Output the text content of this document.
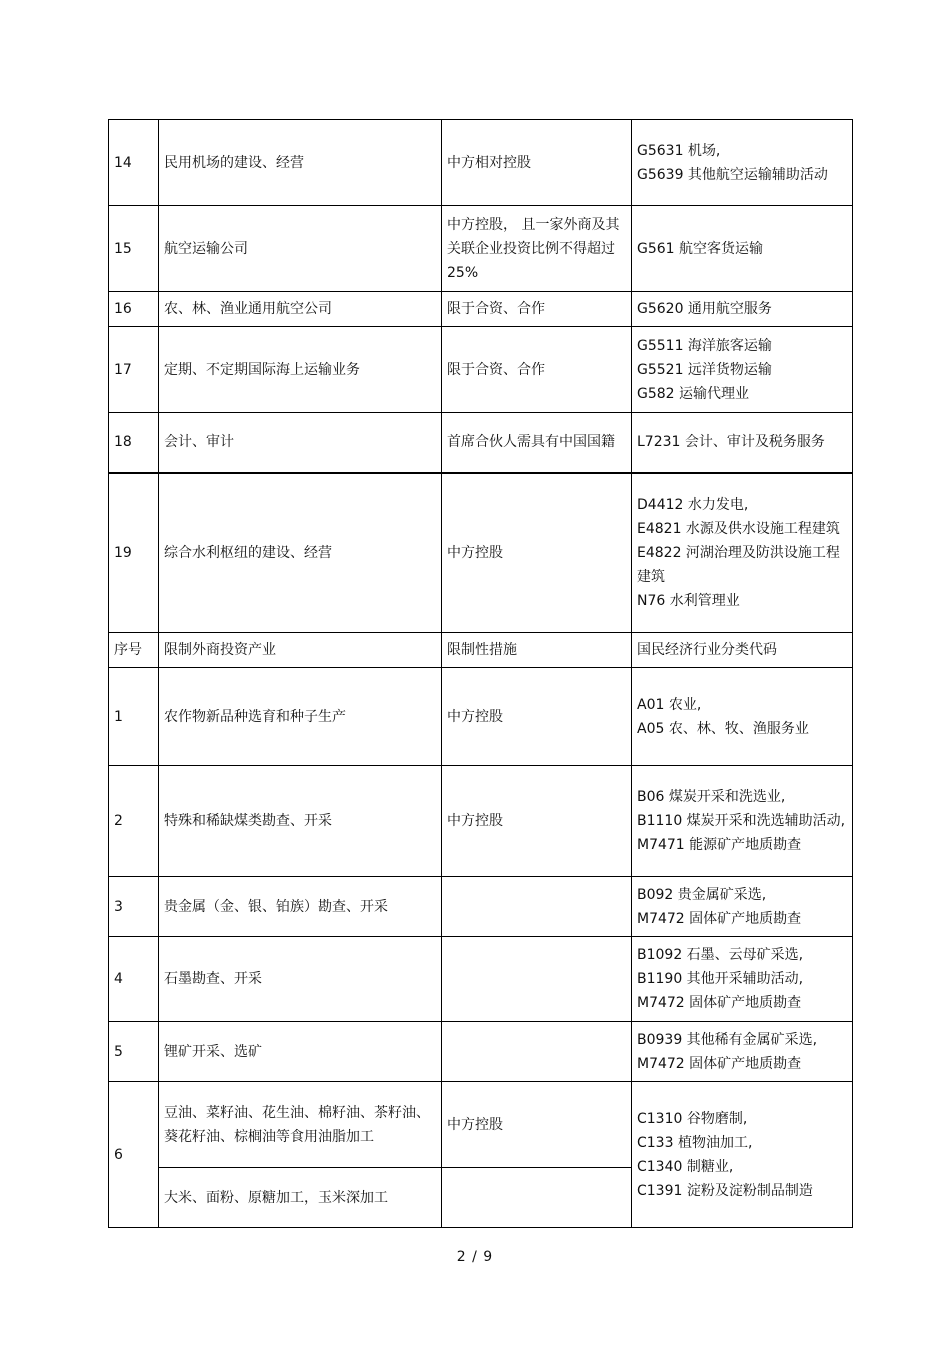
14	民用机场的建设、经营	中方相对控股	G5631 机场,
G5639 其他航空运输辅助活动

15	航空运输公司	中方控股， 且一家外商及其关联企业投资比例不得超过 25%	G561 航空客货运输

16	农、林、渔业通用航空公司	限于合资、合作	G5620 通用航空服务

17	定期、不定期国际海上运输业务	限于合资、合作	G5511 海洋旅客运输
G5521 远洋货物运输
G582 运输代理业

18	会计、审计	首席合伙人需具有中国国籍	L7231 会计、审计及税务服务

19	综合水利枢纽的建设、经营	中方控股	D4412 水力发电,
E4821 水源及供水设施工程建筑
E4822 河湖治理及防洪设施工程建筑
N76 水利管理业

序号	限制外商投资产业	限制性措施	国民经济行业分类代码
1	农作物新品种选育和种子生产	中方控股	A01 农业,
A05 农、林、牧、渔服务业

2	特殊和稀缺煤类勘查、开采	中方控股	B06 煤炭开采和洗选业,
B1110 煤炭开采和洗选辅助活动,
M7471 能源矿产地质勘查

3	贵金属（金、银、铂族）勘查、开采		B092 贵金属矿采选,
M7472 固体矿产地质勘查

4	石墨勘查、开采		B1092 石墨、云母矿采选,
B1190 其他开采辅助活动,
M7472 固体矿产地质勘查

5	锂矿开采、选矿		B0939 其他稀有金属矿采选,
M7472 固体矿产地质勘查

6	豆油、菜籽油、花生油、棉籽油、茶籽油、葵花籽油、棕榈油等食用油脂加工	中方控股	C1310 谷物磨制,
C133 植物油加工,
C1340 制糖业,
C1391 淀粉及淀粉制品制造

	大米、面粉、原糖加工，玉米深加工		
2 / 9
